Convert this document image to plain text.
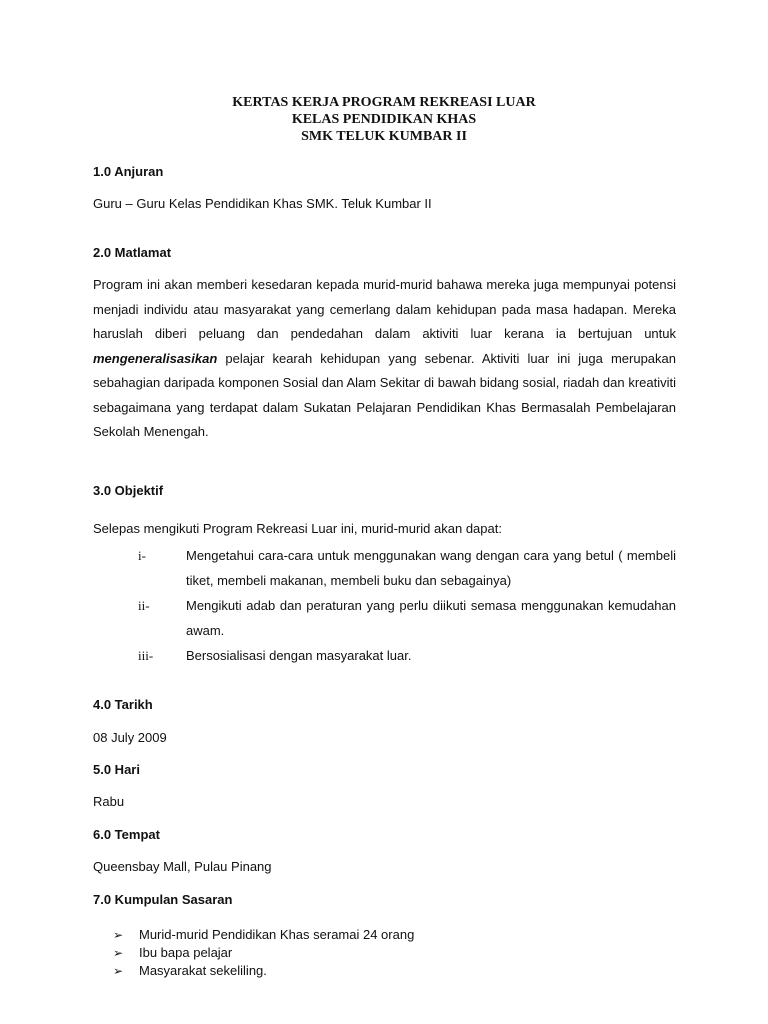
KERTAS KERJA PROGRAM REKREASI LUAR
KELAS PENDIDIKAN KHAS
SMK TELUK KUMBAR II
1.0 Anjuran
Guru – Guru Kelas Pendidikan Khas SMK. Teluk Kumbar II
2.0 Matlamat
Program ini akan memberi kesedaran kepada murid-murid bahawa mereka juga mempunyai potensi menjadi individu atau masyarakat yang cemerlang dalam kehidupan pada masa hadapan. Mereka haruslah diberi peluang dan pendedahan dalam aktiviti luar kerana ia bertujuan untuk mengeneralisasikan pelajar kearah kehidupan yang sebenar. Aktiviti luar ini juga merupakan sebahagian daripada komponen Sosial dan Alam Sekitar di bawah bidang sosial, riadah dan kreativiti sebagaimana yang terdapat dalam Sukatan Pelajaran Pendidikan Khas Bermasalah Pembelajaran Sekolah Menengah.
3.0 Objektif
Selepas mengikuti Program Rekreasi Luar ini, murid-murid akan dapat:
i-	Mengetahui cara-cara untuk menggunakan wang dengan cara yang betul ( membeli tiket, membeli makanan, membeli buku dan sebagainya)
ii-	Mengikuti adab dan peraturan yang perlu diikuti semasa menggunakan kemudahan awam.
iii-	Bersosialisasi dengan masyarakat luar.
4.0 Tarikh
08 July 2009
5.0 Hari
Rabu
6.0 Tempat
Queensbay Mall, Pulau Pinang
7.0 Kumpulan Sasaran
➢ Murid-murid Pendidikan Khas seramai 24 orang
➢ Ibu bapa pelajar
➢ Masyarakat sekeliling.
